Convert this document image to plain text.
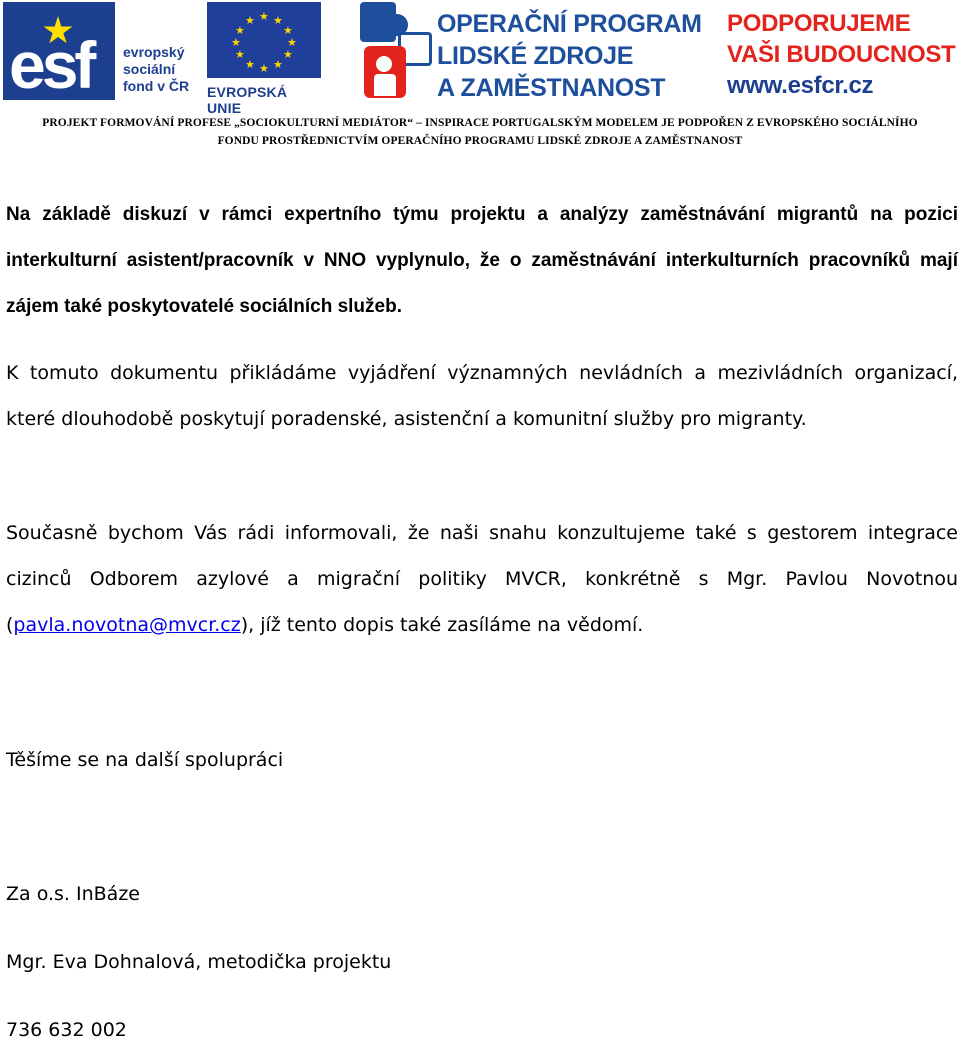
esf evropský sociální fond v ČR
★ ★
★
★
★
★
★
★
★
★
★
★
EVROPSKÁ UNIE
OPERAČNÍ PROGRAM
LIDSKÉ ZDROJE
A ZAMĚSTNANOST
PODPORUJEME
VAŠI BUDOUCNOST
www.esfcr.cz
PROJEKT FORMOVÁNÍ PROFESE „SOCIOKULTURNÍ MEDIÁTOR“ – INSPIRACE PORTUGALSKÝM MODELEM JE PODPOŘEN Z EVROPSKÉHO SOCIÁLNÍHO
FONDU PROSTŘEDNICTVÍM OPERAČNÍHO PROGRAMU LIDSKÉ ZDROJE A ZAMĚSTNANOST

Na základě diskuzí v rámci expertního týmu projektu a analýzy zaměstnávání migrantů na pozici interkulturní asistent/pracovník v NNO vyplynulo, že o zaměstnávání interkulturních pracovníků mají zájem také poskytovatelé sociálních služeb.

K tomuto dokumentu přikládáme vyjádření významných nevládních a mezivládních organizací, které dlouhodobě poskytují poradenské, asistenční a komunitní služby pro migranty.

Současně bychom Vás rádi informovali, že naši snahu konzultujeme také s gestorem integrace cizinců Odborem azylové a migrační politiky MVCR, konkrétně s Mgr. Pavlou Novotnou (pavla.novotna@mvcr.cz), jíž tento dopis také zasíláme na vědomí.

Těšíme se na další spolupráci

Za o.s. InBáze

Mgr. Eva Dohnalová, metodička projektu

736 632 002
